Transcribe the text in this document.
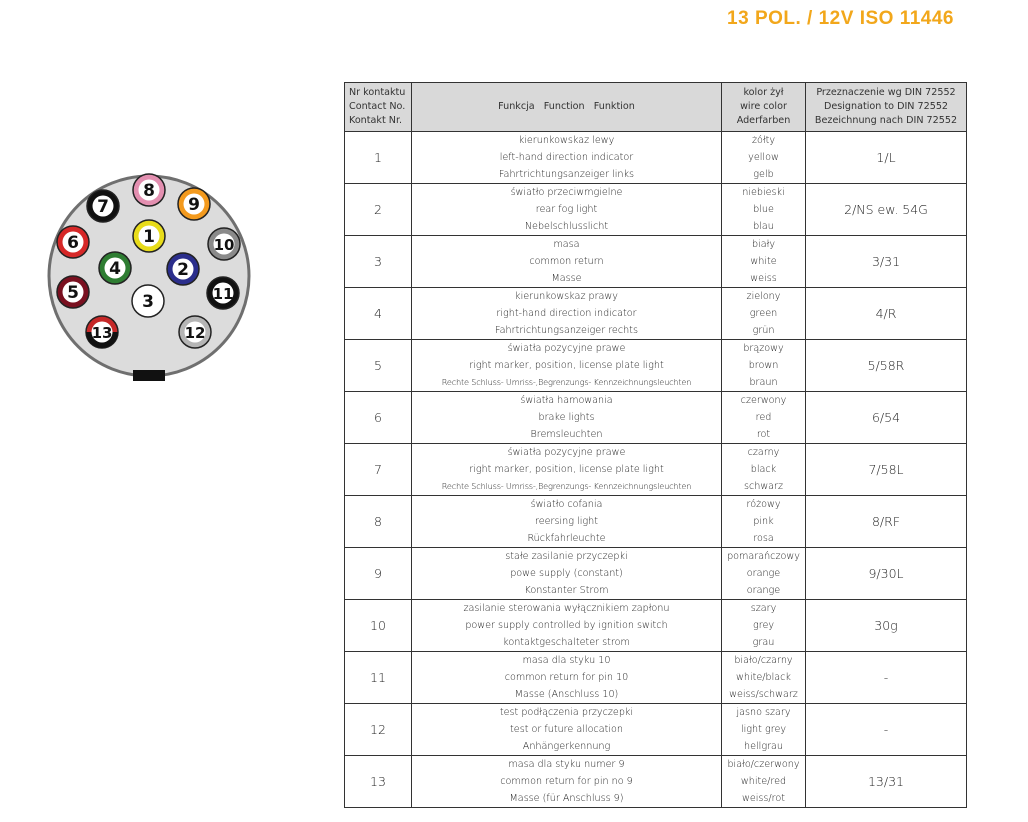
13 POL. / 12V ISO 11446
1
2
3
4
5
6
7
8
9
10
11
12
13
Nr kontaktu
Contact No.
Kontakt Nr.	Funkcja   Function   Funktion	kolor żył
wire color
Aderfarben	Przeznaczenie wg DIN 72552
Designation to DIN 72552
Bezeichnung nach DIN 72552

1	kierunkowskaz lewy
left-hand direction indicator
Fahrtrichtungsanzeiger links	żółty
yellow
gelb	1/L
2	światło przeciwmgielne
rear fog light
Nebelschlusslicht	niebieski
blue
blau	2/NS ew. 54G
3	masa
common return
Masse	biały
white
weiss	3/31
4	kierunkowskaz prawy
right-hand direction indicator
Fahrtrichtungsanzeiger rechts	zielony
green
grün	4/R
5	światła pozycyjne prawe
right marker, position, license plate light
Rechte Schluss- Umriss-,Begrenzungs- Kennzeichnungsleuchten	brązowy
brown
braun	5/58R
6	światła hamowania
brake lights
Bremsleuchten	czerwony
red
rot	6/54
7	światła pozycyjne prawe
right marker, position, license plate light
Rechte Schluss- Umriss-,Begrenzungs- Kennzeichnungsleuchten	czarny
black
schwarz	7/58L
8	światło cofania
reersing light
Rückfahrleuchte	różowy
pink
rosa	8/RF
9	stałe zasilanie przyczepki
powe supply (constant)
Konstanter Strom	pomarańczowy
orange
orange	9/30L
10	zasilanie sterowania wyłącznikiem zapłonu
power supply controlled by ignition switch
kontaktgeschalteter strom	szary
grey
grau	30g
11	masa dla styku 10
common return for pin 10
Masse (Anschluss 10)	biało/czarny
white/black
weiss/schwarz	-
12	test podłączenia przyczepki
test or future allocation
Anhängerkennung	jasno szary
light grey
hellgrau	-
13	masa dla styku numer 9
common return for pin no 9
Masse (für Anschluss 9)	biało/czerwony
white/red
weiss/rot	13/31
